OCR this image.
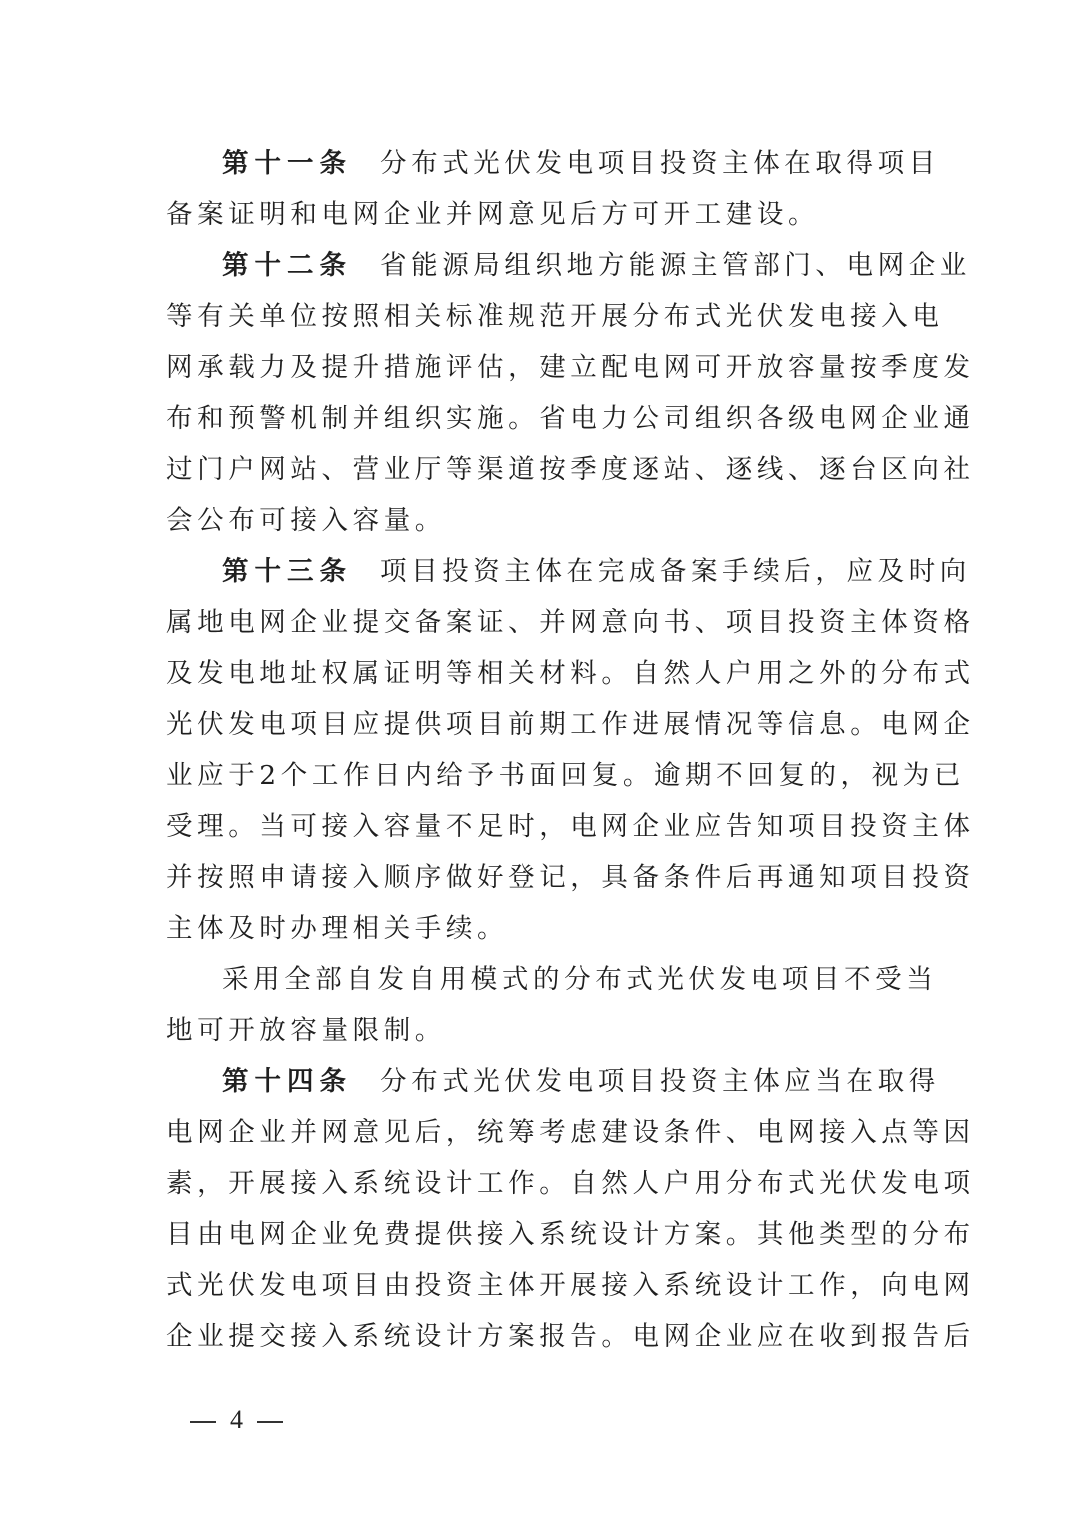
第十一条 分布式光伏发电项目投资主体在取得项目
备案证明和电网企业并网意见后方可开工建设。
第十二条 省能源局组织地方能源主管部门、电网企业
等有关单位按照相关标准规范开展分布式光伏发电接入电
网承载力及提升措施评估，建立配电网可开放容量按季度发
布和预警机制并组织实施。省电力公司组织各级电网企业通
过门户网站、营业厅等渠道按季度逐站、逐线、逐台区向社
会公布可接入容量。
第十三条 项目投资主体在完成备案手续后，应及时向
属地电网企业提交备案证、并网意向书、项目投资主体资格
及发电地址权属证明等相关材料。自然人户用之外的分布式
光伏发电项目应提供项目前期工作进展情况等信息。电网企
业应于2个工作日内给予书面回复。逾期不回复的，视为已
受理。当可接入容量不足时，电网企业应告知项目投资主体
并按照申请接入顺序做好登记，具备条件后再通知项目投资
主体及时办理相关手续。
采用全部自发自用模式的分布式光伏发电项目不受当
地可开放容量限制。
第十四条 分布式光伏发电项目投资主体应当在取得
电网企业并网意见后，统筹考虑建设条件、电网接入点等因
素，开展接入系统设计工作。自然人户用分布式光伏发电项
目由电网企业免费提供接入系统设计方案。其他类型的分布
式光伏发电项目由投资主体开展接入系统设计工作，向电网
企业提交接入系统设计方案报告。电网企业应在收到报告后
4
